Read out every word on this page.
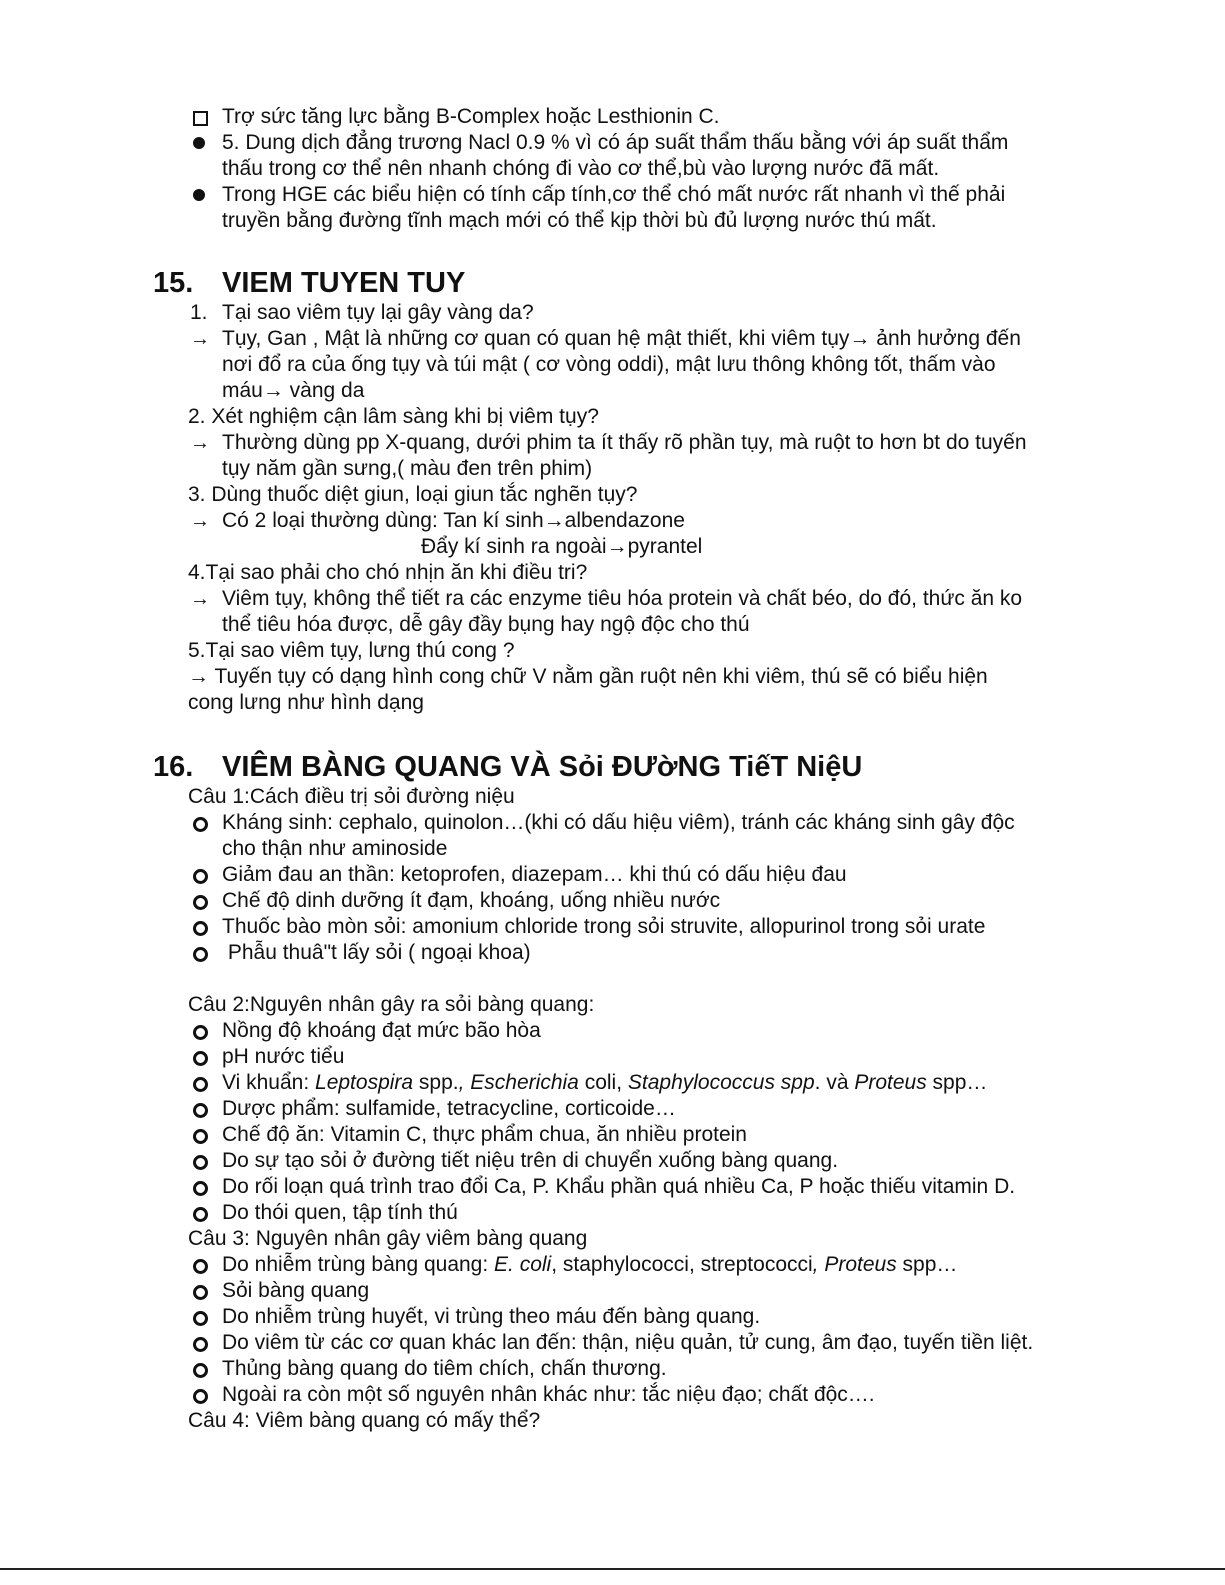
Trợ sức tăng lực bằng B-Complex hoặc Lesthionin C.
5. Dung dịch đẳng trương Nacl 0.9 % vì có áp suất thẩm thấu bằng với áp suất thẩm
thấu trong cơ thể nên nhanh chóng đi vào cơ thể,bù vào lượng nước đã mất.
Trong HGE các biểu hiện có tính cấp tính,cơ thể chó mất nước rất nhanh vì thế phải
truyền bằng đường tĩnh mạch mới có thể kịp thời bù đủ lượng nước thú mất.
15. VIEM TUYEN TUY
1. Tại sao viêm tụy lại gây vàng da?
→ Tụy, Gan , Mật là những cơ quan có quan hệ mật thiết, khi viêm tụy→ ảnh hưởng đến
nơi đổ ra của ống tụy và túi mật ( cơ vòng oddi), mật lưu thông không tốt, thấm vào
máu→ vàng da
2. Xét nghiệm cận lâm sàng khi bị viêm tụy?
→ Thường dùng pp X-quang, dưới phim ta ít thấy rõ phần tụy, mà ruột to hơn bt do tuyến
tụy năm gần sưng,( màu đen trên phim)
3. Dùng thuốc diệt giun, loại giun tắc nghẽn tụy?
→ Có 2 loại thường dùng: Tan kí sinh→albendazone
Đẩy kí sinh ra ngoài→pyrantel
4.Tại sao phải cho chó nhịn ăn khi điều tri?
→ Viêm tụy, không thể tiết ra các enzyme tiêu hóa protein và chất béo, do đó, thức ăn ko
thể tiêu hóa được, dễ gây đầy bụng hay ngộ độc cho thú
5.Tại sao viêm tụy, lưng thú cong ?
→ Tuyến tụy có dạng hình cong chữ V nằm gần ruột nên khi viêm, thú sẽ có biểu hiện
cong lưng như hình dạng
16. VIÊM BÀNG QUANG VÀ Sỏi ĐƯờNG TiếT NiệU
Câu 1:Cách điều trị sỏi đường niệu
Kháng sinh: cephalo, quinolon…(khi có dấu hiệu viêm), tránh các kháng sinh gây độc
cho thận như aminoside
Giảm đau an thần: ketoprofen, diazepam… khi thú có dấu hiệu đau
Chế độ dinh dưỡng ít đạm, khoáng, uống nhiều nước
Thuốc bào mòn sỏi: amonium chloride trong sỏi struvite, allopurinol trong sỏi urate
Phẫu thuâ"t lấy sỏi ( ngoại khoa)
Câu 2:Nguyên nhân gây ra sỏi bàng quang:
Nồng độ khoáng đạt mức bão hòa
pH nước tiểu
Vi khuẩn: Leptospira spp., Escherichia coli, Staphylococcus spp. và Proteus spp…
Dược phẩm: sulfamide, tetracycline, corticoide…
Chế độ ăn: Vitamin C, thực phẩm chua, ăn nhiều protein
Do sự tạo sỏi ở đường tiết niệu trên di chuyển xuống bàng quang.
Do rối loạn quá trình trao đổi Ca, P. Khẩu phần quá nhiều Ca, P hoặc thiếu vitamin D.
Do thói quen, tập tính thú
Câu 3: Nguyên nhân gây viêm bàng quang
Do nhiễm trùng bàng quang: E. coli, staphylococci, streptococci, Proteus spp…
Sỏi bàng quang
Do nhiễm trùng huyết, vi trùng theo máu đến bàng quang.
Do viêm từ các cơ quan khác lan đến: thận, niệu quản, tử cung, âm đạo, tuyến tiền liệt.
Thủng bàng quang do tiêm chích, chấn thương.
Ngoài ra còn một số nguyên nhân khác như: tắc niệu đạo; chất độc….
Câu 4: Viêm bàng quang có mấy thể?
